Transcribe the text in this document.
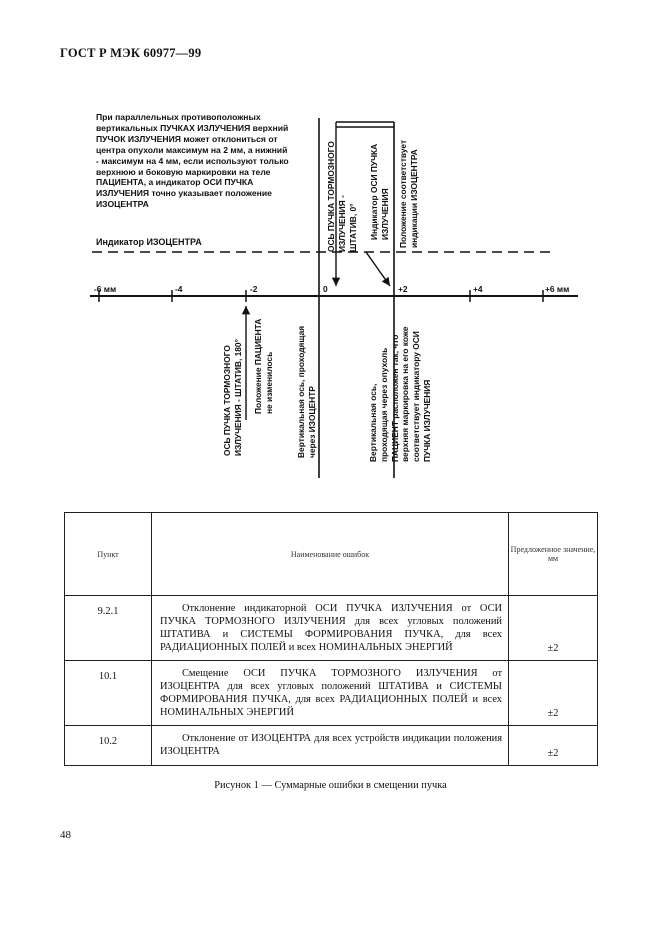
ГОСТ Р МЭК 60977—99
-6 мм	-4	-2	0	+2	+4	+6 мм
При параллельных противоположных вертикальных ПУЧКАХ ИЗЛУЧЕНИЯ верхний ПУЧОК ИЗЛУЧЕНИЯ может отклониться от центра опухоли максимум на 2 мм, а нижний - максимум на 4 мм, если используют только верхнюю и боковую маркировки на теле ПАЦИЕНТА, а индикатор ОСИ ПУЧКА ИЗЛУЧЕНИЯ точно указывает положение ИЗОЦЕНТРА
Индикатор ИЗОЦЕНТРА	ОСЬ ПУЧКА ТОРМОЗНОГО ИЗЛУЧЕНИЯ - ШТАТИВ, 0° Индикатор ОСИ ПУЧКА ИЗЛУЧЕНИЯ Положение соответствует индикации ИЗОЦЕНТРА
ОСЬ ПУЧКА ТОРМОЗНОГО ИЗЛУЧЕНИЯ - ШТАТИВ, 180° Положение ПАЦИЕНТА не изменилось	Вертикальная ось, проходящая через ИЗОЦЕНТР	Вертикальная ось, проходящая через опухоль ПАЦИЕНТ расположен так, что верхняя маркировка на его коже соответствует индикатору ОСИ ПУЧКА ИЗЛУЧЕНИЯ
Пункт	Наименование ошибок	Предложенное значение, мм
9.2.1	Отклонение индикаторной ОСИ ПУЧКА ИЗЛУЧЕНИЯ от ОСИ ПУЧКА ТОРМОЗНОГО ИЗЛУЧЕНИЯ для всех угловых положений ШТАТИВА и СИСТЕМЫ ФОРМИРОВАНИЯ ПУЧКА, для всех РАДИАЦИОННЫХ ПОЛЕЙ и всех НОМИНАЛЬНЫХ ЭНЕРГИЙ	±2
10.1	Смещение ОСИ ПУЧКА ТОРМОЗНОГО ИЗЛУЧЕНИЯ от ИЗОЦЕНТРА для всех угловых положений ШТАТИВА и СИСТЕМЫ ФОРМИРОВАНИЯ ПУЧКА, для всех РАДИАЦИОННЫХ ПОЛЕЙ и всех НОМИНАЛЬНЫХ ЭНЕРГИЙ	±2
10.2	Отклонение от ИЗОЦЕНТРА для всех устройств индикации положения ИЗОЦЕНТРА	±2
Рисунок 1 — Суммарные ошибки в смещении пучка
48
